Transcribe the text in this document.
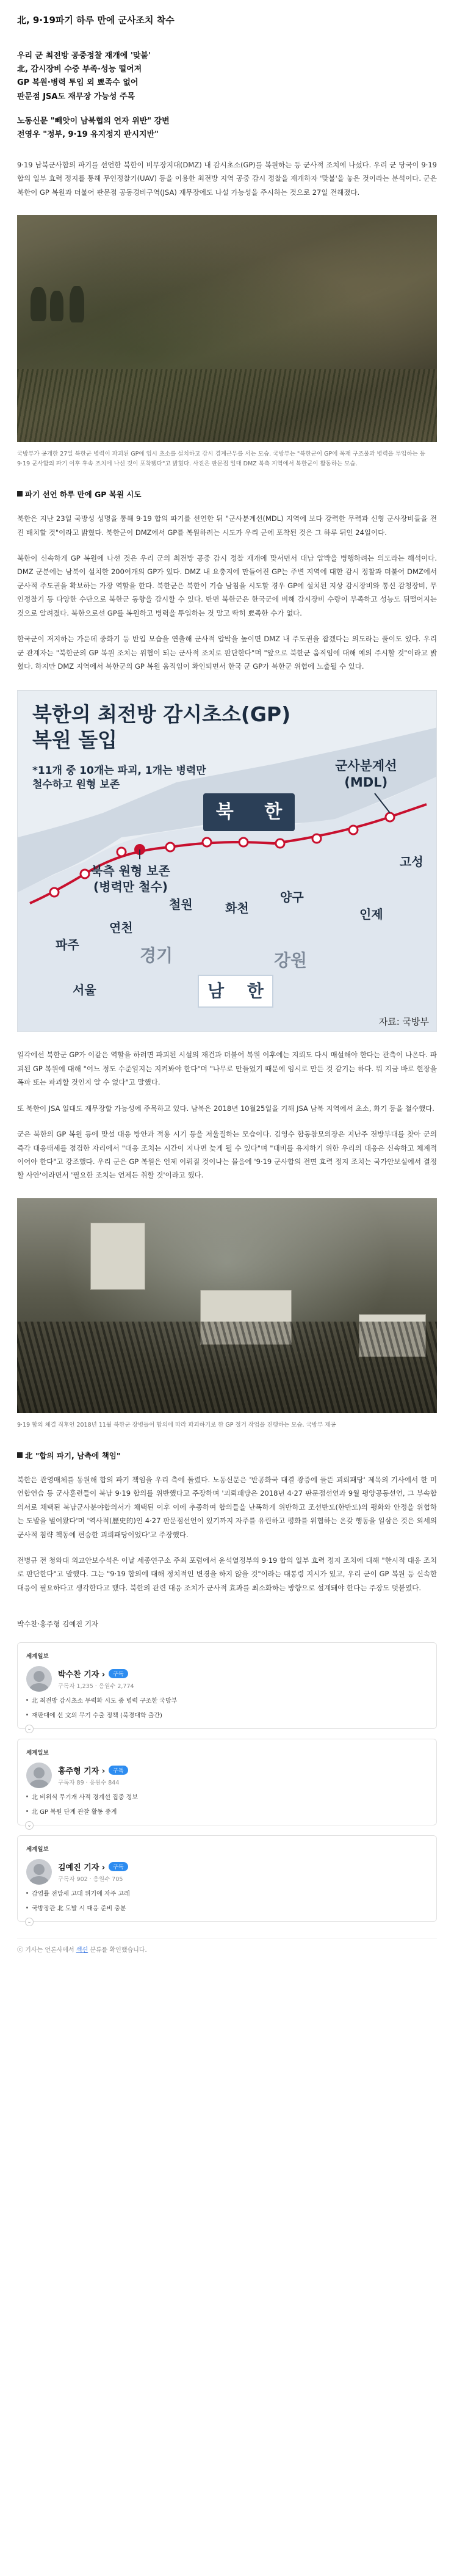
北, 9·19파기 하루 만에 군사조치 착수
우리 군 최전방 공중정찰 재개에 '맞불'
北, 감시장비 수중 부족·성능 떨어져
GP 복원·병력 투입 외 뾰족수 없어
판문점 JSA도 재무장 가능성 주목
노동신문 "빼앗이 남북협의 연자 위반" 강변
전영우 "정부, 9·19 유지정지 판시지반"

9·19 남북군사합의 파기를 선언한 북한이 비무장지대(DMZ) 내 감시초소(GP)를 복원하는 등 군사적 조치에 나섰다. 우리 군 당국이 9·19 합의 일부 효력 정지를 통해 무인정찰기(UAV) 등을 이용한 최전방 지역 공중 감시 정찰을 재개하자 '맞불'을 놓은 것이라는 분석이다. 군은 북한이 GP 복원과 더불어 판문점 공동경비구역(JSA) 재무장에도 나설 가능성을 주시하는 것으로 27일 전해졌다.

국방부가 공개한 27일 북한군 병력이 파괴된 GP에 임시 초소를 설치하고 감시 경계근무를 서는 모습. 국방부는 "북한군이 GP에 목재 구조물과 병력을 투입하는 등 9·19 군사합의 파기 이후 후속 조치에 나선 것이 포착됐다"고 밝혔다. 사진은 판문점 일대 DMZ 북측 지역에서 북한군이 활동하는 모습.
파기 선언 하루 만에 GP 복원 시도

북한은 지난 23일 국방성 성명을 통해 9·19 합의 파기를 선언한 뒤 "군사분계선(MDL) 지역에 보다 강력한 무력과 신형 군사장비들을 전진 배치할 것"이라고 밝혔다. 북한군이 DMZ에서 GP를 복원하려는 시도가 우리 군에 포착된 것은 그 하루 뒤인 24일이다.

북한이 신속하게 GP 복원에 나선 것은 우리 군의 최전방 공중 감시 정찰 재개에 맞서면서 대남 압박을 병행하려는 의도라는 해석이다. DMZ 군분에는 남북이 설치한 200여개의 GP가 있다. DMZ 내 요충지에 만들어진 GP는 주변 지역에 대한 감시 정찰과 더불어 DMZ에서 군사적 주도권을 확보하는 가장 역할을 한다. 북한군은 북한이 기습 남침을 시도할 경우 GP에 설치된 지상 감시장비와 통신 감청장비, 무인정찰기 등 다양한 수단으로 북한군 동향을 감시할 수 있다. 반면 북한군은 한국군에 비해 감시장비 수량이 부족하고 성능도 뒤떨어지는 것으로 알려졌다. 북한으로선 GP를 복원하고 병력을 투입하는 것 말고 딱히 뾰족한 수가 없다.

한국군이 저지하는 가운데 중화기 등 반입 모습을 연출해 군사적 압박을 높이면 DMZ 내 주도권을 잡겠다는 의도라는 풀이도 있다. 우리 군 관계자는 "북한군의 GP 복원 조치는 위협이 되는 군사적 조치로 판단한다"며 "앞으로 북한군 움직임에 대해 예의 주시할 것"이라고 밝혔다. 하지만 DMZ 지역에서 북한군의 GP 복원 움직임이 확인되면서 한국 군 GP가 북한군 위협에 노출될 수 있다.

북한의 최전방 감시초소(GP)
복원 돌입
*11개 중 10개는 파괴, 1개는 병력만
철수하고 원형 보존
북 한
군사분계선
(MDL)
북측 원형 보존
(병력만 철수)
파주
연천
철원	화천
양구
고성
인제
서울
경기	강원
남 한
자료: 국방부

일각에선 북한군 GP가 이같은 역할을 하려면 파괴된 시설의 재건과 더불어 복원 이후에는 지뢰도 다시 매설해야 한다는 관측이 나온다. 파괴된 GP 복원에 대해 "어느 정도 수준일지는 지켜봐야 한다"며 "나무로 만들었기 때문에 임시로 만든 것 같기는 하다. 뭐 지금 바로 현장을 폭파 또는 파괴할 것인지 알 수 없다"고 말했다.

또 북한이 JSA 일대도 재무장할 가능성에 주목하고 있다. 남북은 2018년 10월25일을 기해 JSA 남북 지역에서 초소, 화기 등을 철수했다.

군은 북한의 GP 복원 등에 맞설 대응 방안과 적용 시기 등을 저울질하는 모습이다. 김영수 합동참모의장은 지난주 전방부대를 찾아 군의 즉각 대응태세를 점검한 자리에서 "대응 조치는 시간이 지나면 늦게 될 수 있다"며 "대비를 유지하기 위한 우리의 대응은 신속하고 체계적이어야 한다"고 강조했다. 우리 군은 GP 복원은 언제 이뤄질 것이냐는 물음에 '9·19 군사합의 전면 효력 정지 조치는 국가안보실에서 결정할 사안'이라면서 '필요한 조치는 언제든 취할 것'이라고 했다.

9·19 합의 체결 직후인 2018년 11월 북한군 장병들이 합의에 따라 파괴하기로 한 GP 철거 작업을 진행하는 모습. 국방부 제공
北 "합의 파기, 남측에 책임"

북한은 관영매체를 동원해 합의 파기 책임을 우리 측에 돌렸다. 노동신문은 '반공화국 대결 광증에 들뜬 괴뢰패당' 제목의 기사에서 한 미 연합연습 등 군사훈련들이 북남 9·19 합의를 위반했다고 주장하며 '괴뢰패당은 2018년 4·27 판문점선언과 9월 평양공동선언, 그 부속합의서로 채택된 북남군사분야합의서가 채택된 이후 이에 추종하여 합의들을 난폭하게 위반하고 조선반도(한반도)의 평화와 안정을 위협하는 도발을 벌여왔다'며 '역사적(歷史的)인 4·27 판문점선언이 있기까지 자주를 유린하고 평화를 위협하는 온갖 행동을 일삼은 것은 외세의 군사적 침략 책동에 편승한 괴뢰패당이었다'고 주장했다.

전병규 전 청와대 외교안보수석은 이날 세종연구소 주최 포럼에서 윤석열정부의 9·19 합의 일부 효력 정지 조치에 대해 "한시적 대응 조치로 판단한다"고 말했다. 그는 "9·19 합의에 대해 정치적인 변경을 하지 않을 것"이라는 대통령 지시가 있고, 우리 군이 GP 복원 등 신속한 대응이 필요하다고 생각한다고 했다. 북한의 관련 대응 조치가 군사적 효과를 최소화하는 방향으로 설계돼야 한다는 주장도 덧붙였다.

박수찬·홍주형 김예진 기자
세계일보
박수찬 기자 › 구독
구독자 1,235 · 응원수 2,774
北 최전방 감시초소 무력화 시도 중 병력 구조한 국방부
재판대에 선 文의 무기 수출 정책 (북경대학 출간)
⌄
세계일보
홍주형 기자 › 구독
구독자 89 · 응원수 844
北 비위식 무기개 사적 경계선 집중 정보
北 GP 복원 단계 관찰 활동 중계
⌄
세계일보
김예진 기자 › 구독
구독자 902 · 응원수 705
감염률 전망세 고대 위기에 자주 고레
국방장관 北 도발 시 대응 준비 충분
⌄
ⓒ 기사는 언론사에서 섹션 분류를 확인했습니다.
